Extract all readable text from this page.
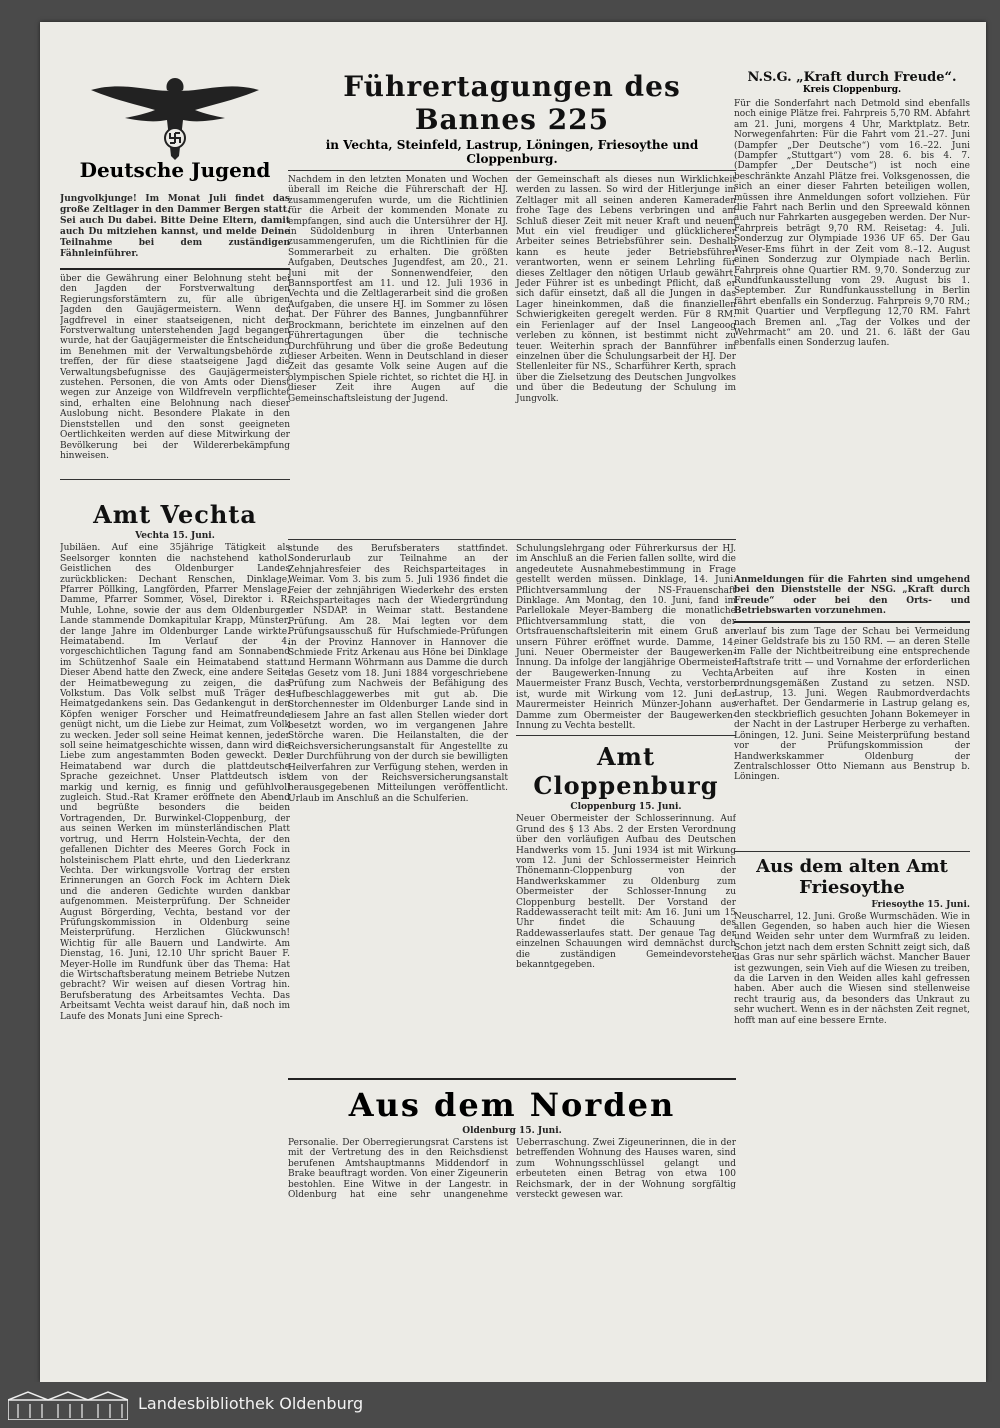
Deutsche Jugend
Jungvolkjunge! Im Monat Juli findet das große Zeltlager in den Dammer Bergen statt. Sei auch Du dabei. Bitte Deine Eltern, damit auch Du mitziehen kannst, und melde Deine Teilnahme bei dem zuständigen Fähnleinführer.
über die Gewährung einer Belohnung steht bei den Jagden der Forstverwaltung den Regierungsforstämtern zu, für alle übrigen Jagden den Gaujägermeistern. Wenn der Jagdfrevel in einer staatseigenen, nicht der Forstverwaltung unterstehenden Jagd begangen wurde, hat der Gaujägermeister die Entscheidung im Benehmen mit der Verwaltungsbehörde zu treffen, der für diese staatseigene Jagd die Verwaltungsbefugnisse des Gaujägermeisters zustehen. Personen, die von Amts oder Dienst wegen zur Anzeige von Wildfreveln verpflichtet sind, erhalten eine Belohnung nach dieser Auslobung nicht. Besondere Plakate in den Dienststellen und den sonst geeigneten Oertlichkeiten werden auf diese Mitwirkung der Bevölkerung bei der Wildererbekämpfung hinweisen.
Amt Vechta
Vechta 15. Juni.
Jubiläen. Auf eine 35jährige Tätigkeit als Seelsorger konnten die nachstehend kathol. Geistlichen des Oldenburger Landes zurückblicken: Dechant Renschen, Dinklage, Pfarrer Pöllking, Langförden, Pfarrer Menslage, Damme, Pfarrer Sommer, Vösel, Direktor i. R. Muhle, Lohne, sowie der aus dem Oldenburger Lande stammende Domkapitular Krapp, Münster, der lange Jahre im Oldenburger Lande wirkte. Heimatabend. Im Verlauf der 4. vorgeschichtlichen Tagung fand am Sonnabend im Schützenhof Saale ein Heimatabend statt. Dieser Abend hatte den Zweck, eine andere Seite der Heimatbewegung zu zeigen, die das Volkstum. Das Volk selbst muß Träger des Heimatgedankens sein. Das Gedankengut in den Köpfen weniger Forscher und Heimatfreunde genügt nicht, um die Liebe zur Heimat, zum Volk zu wecken. Jeder soll seine Heimat kennen, jeder soll seine heimatgeschichte wissen, dann wird die Liebe zum angestammten Boden geweckt. Der Heimatabend war durch die plattdeutsche Sprache gezeichnet. Unser Plattdeutsch ist markig und kernig, es finnig und gefühlvoll zugleich. Stud.-Rat Kramer eröffnete den Abend und begrüßte besonders die beiden Vortragenden, Dr. Burwinkel-Cloppenburg, der aus seinen Werken im münsterländischen Platt vortrug, und Herrn Holstein-Vechta, der den gefallenen Dichter des Meeres Gorch Fock in holsteinischem Platt ehrte, und den Liederkranz Vechta. Der wirkungsvolle Vortrag der ersten Erinnerungen an Gorch Fock im Achtern Diek und die anderen Gedichte wurden dankbar aufgenommen. Meisterprüfung. Der Schneider August Börgerding, Vechta, bestand vor der Prüfungskommission in Oldenburg seine Meisterprüfung. Herzlichen Glückwunsch! Wichtig für alle Bauern und Landwirte. Am Dienstag, 16. Juni, 12.10 Uhr spricht Bauer F. Meyer-Holle im Rundfunk über das Thema: Hat die Wirtschaftsberatung meinem Betriebe Nutzen gebracht? Wir weisen auf diesen Vortrag hin. Berufsberatung des Arbeitsamtes Vechta. Das Arbeitsamt Vechta weist darauf hin, daß noch im Laufe des Monats Juni eine Sprech-
Führertagungen des Bannes 225
in Vechta, Steinfeld, Lastrup, Löningen, Friesoythe und Cloppenburg.
Nachdem in den letzten Monaten und Wochen überall im Reiche die Führerschaft der HJ. zusammengerufen wurde, um die Richtlinien für die Arbeit der kommenden Monate zu empfangen, sind auch die Untersührer der HJ. in Südoldenburg in ihren Unterbannen zusammengerufen, um die Richtlinien für die Sommerarbeit zu erhalten. Die größten Aufgaben, Deutsches Jugendfest, am 20., 21. Juni mit der Sonnenwendfeier, den Bannsportfest am 11. und 12. Juli 1936 in Vechta und die Zeltlagerarbeit sind die großen Aufgaben, die unsere HJ. im Sommer zu lösen hat. Der Führer des Bannes, Jungbannführer Brockmann, berichtete im einzelnen auf den Führertagungen über die technische Durchführung und über die große Bedeutung dieser Arbeiten. Wenn in Deutschland in dieser Zeit das gesamte Volk seine Augen auf die olympischen Spiele richtet, so richtet die HJ. in dieser Zeit ihre Augen auf die Gemeinschaftsleistung der Jugend.
der Gemeinschaft als dieses nun Wirklichkeit werden zu lassen. So wird der Hitlerjunge im Zeltlager mit all seinen anderen Kameraden frohe Tage des Lebens verbringen und am Schluß dieser Zeit mit neuer Kraft und neuem Mut ein viel freudiger und glücklicherer Arbeiter seines Betriebsführer sein. Deshalb kann es heute jeder Betriebsführer verantworten, wenn er seinem Lehrling für dieses Zeltlager den nötigen Urlaub gewährt. Jeder Führer ist es unbedingt Pflicht, daß er sich dafür einsetzt, daß all die Jungen in das Lager hineinkommen, daß die finanziellen Schwierigkeiten geregelt werden. Für 8 RM. ein Ferienlager auf der Insel Langeoog verleben zu können, ist bestimmt nicht zu teuer. Weiterhin sprach der Bannführer im einzelnen über die Schulungsarbeit der HJ. Der Stellenleiter für NS., Scharführer Kerth, sprach über die Zielsetzung des Deutschen Jungvolkes und über die Bedeutung der Schulung im Jungvolk.
stunde des Berufsberaters stattfindet. Sonderurlaub zur Teilnahme an der Zehnjahresfeier des Reichsparteitages in Weimar. Vom 3. bis zum 5. Juli 1936 findet die Feier der zehnjährigen Wiederkehr des ersten Reichsparteitages nach der Wiedergründung der NSDAP. in Weimar statt. Bestandene Prüfung. Am 28. Mai legten vor dem Prüfungsausschuß für Hufschmiede-Prüfungen in der Provinz Hannover in Hannover die Schmiede Fritz Arkenau aus Höne bei Dinklage und Hermann Wöhrmann aus Damme die durch das Gesetz vom 18. Juni 1884 vorgeschriebene Prüfung zum Nachweis der Befähigung des Hufbeschlaggewerbes mit gut ab. Die Storchennester im Oldenburger Lande sind in diesem Jahre an fast allen Stellen wieder dort besetzt worden, wo im vergangenen Jahre Störche waren. Die Heilanstalten, die der Reichsversicherungsanstalt für Angestellte zu der Durchführung von der durch sie bewilligten Heilverfahren zur Verfügung stehen, werden in dem von der Reichsversicherungsanstalt herausgegebenen Mitteilungen veröffentlicht. Urlaub im Anschluß an die Schulferien.
Schulungslehrgang oder Führerkursus der HJ. im Anschluß an die Ferien fallen sollte, wird die angedeutete Ausnahmebestimmung in Frage gestellt werden müssen. Dinklage, 14. Juni. Pflichtversammlung der NS-Frauenschaft Dinklage. Am Montag, den 10. Juni, fand im Parlellokale Meyer-Bamberg die monatliche Pflichtversammlung statt, die von der Ortsfrauenschaftsleiterin mit einem Gruß an unsern Führer eröffnet wurde. Damme, 14. Juni. Neuer Obermeister der Baugewerken-Innung. Da infolge der langjährige Obermeister der Baugewerken-Innung zu Vechta, Mauermeister Franz Busch, Vechta, verstorben ist, wurde mit Wirkung vom 12. Juni der Maurermeister Heinrich Münzer-Johann aus Damme zum Obermeister der Baugewerken-Innung zu Vechta bestellt.
Amt Cloppenburg
Cloppenburg 15. Juni.
Neuer Obermeister der Schlosserinnung. Auf Grund des § 13 Abs. 2 der Ersten Verordnung über den vorläufigen Aufbau des Deutschen Handwerks vom 15. Juni 1934 ist mit Wirkung vom 12. Juni der Schlossermeister Heinrich Thönemann-Cloppenburg von der Handwerkskammer zu Oldenburg zum Obermeister der Schlosser-Innung zu Cloppenburg bestellt. Der Vorstand der Raddewasseracht teilt mit: Am 16. Juni um 15 Uhr findet die Schauung des Raddewasserlaufes statt. Der genaue Tag der einzelnen Schauungen wird demnächst durch die zuständigen Gemeindevorsteher bekanntgegeben.
Aus dem Norden
Oldenburg 15. Juni.
Personalie. Der Oberregierungsrat Carstens ist mit der Vertretung des in den Reichsdienst berufenen Amtshauptmanns Middendorf in Brake beauftragt worden. Von einer Zigeunerin bestohlen. Eine Witwe in der Langestr. in Oldenburg hat eine sehr unangenehme Ueberraschung. Zwei Zigeunerinnen, die in der betreffenden Wohnung des Hauses waren, sind zum Wohnungsschlüssel gelangt und erbeuteten einen Betrag von etwa 100 Reichsmark, der in der Wohnung sorgfältig versteckt gewesen war.
N.S.G. „Kraft durch Freude“.
Kreis Cloppenburg.
Für die Sonderfahrt nach Detmold sind ebenfalls noch einige Plätze frei. Fahrpreis 5,70 RM. Abfahrt am 21. Juni, morgens 4 Uhr, Marktplatz. Betr. Norwegenfahrten: Für die Fahrt vom 21.–27. Juni (Dampfer „Der Deutsche“) vom 16.–22. Juni (Dampfer „Stuttgart“) vom 28. 6. bis 4. 7. (Dampfer „Der Deutsche“) ist noch eine beschränkte Anzahl Plätze frei. Volksgenossen, die sich an einer dieser Fahrten beteiligen wollen, müssen ihre Anmeldungen sofort vollziehen. Für die Fahrt nach Berlin und den Spreewald können auch nur Fahrkarten ausgegeben werden. Der Nur-Fahrpreis beträgt 9,70 RM. Reisetag: 4. Juli. Sonderzug zur Olympiade 1936 UF 65. Der Gau Weser-Ems führt in der Zeit vom 8.–12. August einen Sonderzug zur Olympiade nach Berlin. Fahrpreis ohne Quartier RM. 9,70. Sonderzug zur Rundfunkausstellung vom 29. August bis 1. September. Zur Rundfunkausstellung in Berlin fährt ebenfalls ein Sonderzug. Fahrpreis 9,70 RM.; mit Quartier und Verpflegung 12,70 RM. Fahrt nach Bremen anl. „Tag der Volkes und der Wehrmacht“ am 20. und 21. 6. läßt der Gau ebenfalls einen Sonderzug laufen.
Anmeldungen für die Fahrten sind umgehend bei den Dienststelle der NSG. „Kraft durch Freude“ oder bei den Orts- und Betriebswarten vorzunehmen.
verlauf bis zum Tage der Schau bei Vermeidung einer Geldstrafe bis zu 150 RM. — an deren Stelle im Falle der Nichtbeitreibung eine entsprechende Haftstrafe tritt — und Vornahme der erforderlichen Arbeiten auf ihre Kosten in einen ordnungsgemäßen Zustand zu setzen. NSD. Lastrup, 13. Juni. Wegen Raubmordverdachts verhaftet. Der Gendarmerie in Lastrup gelang es, den steckbrieflich gesuchten Johann Bokemeyer in der Nacht in der Lastruper Herberge zu verhaften. Löningen, 12. Juni. Seine Meisterprüfung bestand vor der Prüfungskommission der Handwerkskammer Oldenburg der Zentralschlosser Otto Niemann aus Benstrup b. Löningen.
Aus dem alten Amt Friesoythe
Friesoythe 15. Juni.
Neuscharrel, 12. Juni. Große Wurmschäden. Wie in allen Gegenden, so haben auch hier die Wiesen und Weiden sehr unter dem Wurmfraß zu leiden. Schon jetzt nach dem ersten Schnitt zeigt sich, daß das Gras nur sehr spärlich wächst. Mancher Bauer ist gezwungen, sein Vieh auf die Wiesen zu treiben, da die Larven in den Weiden alles kahl gefressen haben. Aber auch die Wiesen sind stellenweise recht traurig aus, da besonders das Unkraut zu sehr wuchert. Wenn es in der nächsten Zeit regnet, hofft man auf eine bessere Ernte.
Landesbibliothek Oldenburg
